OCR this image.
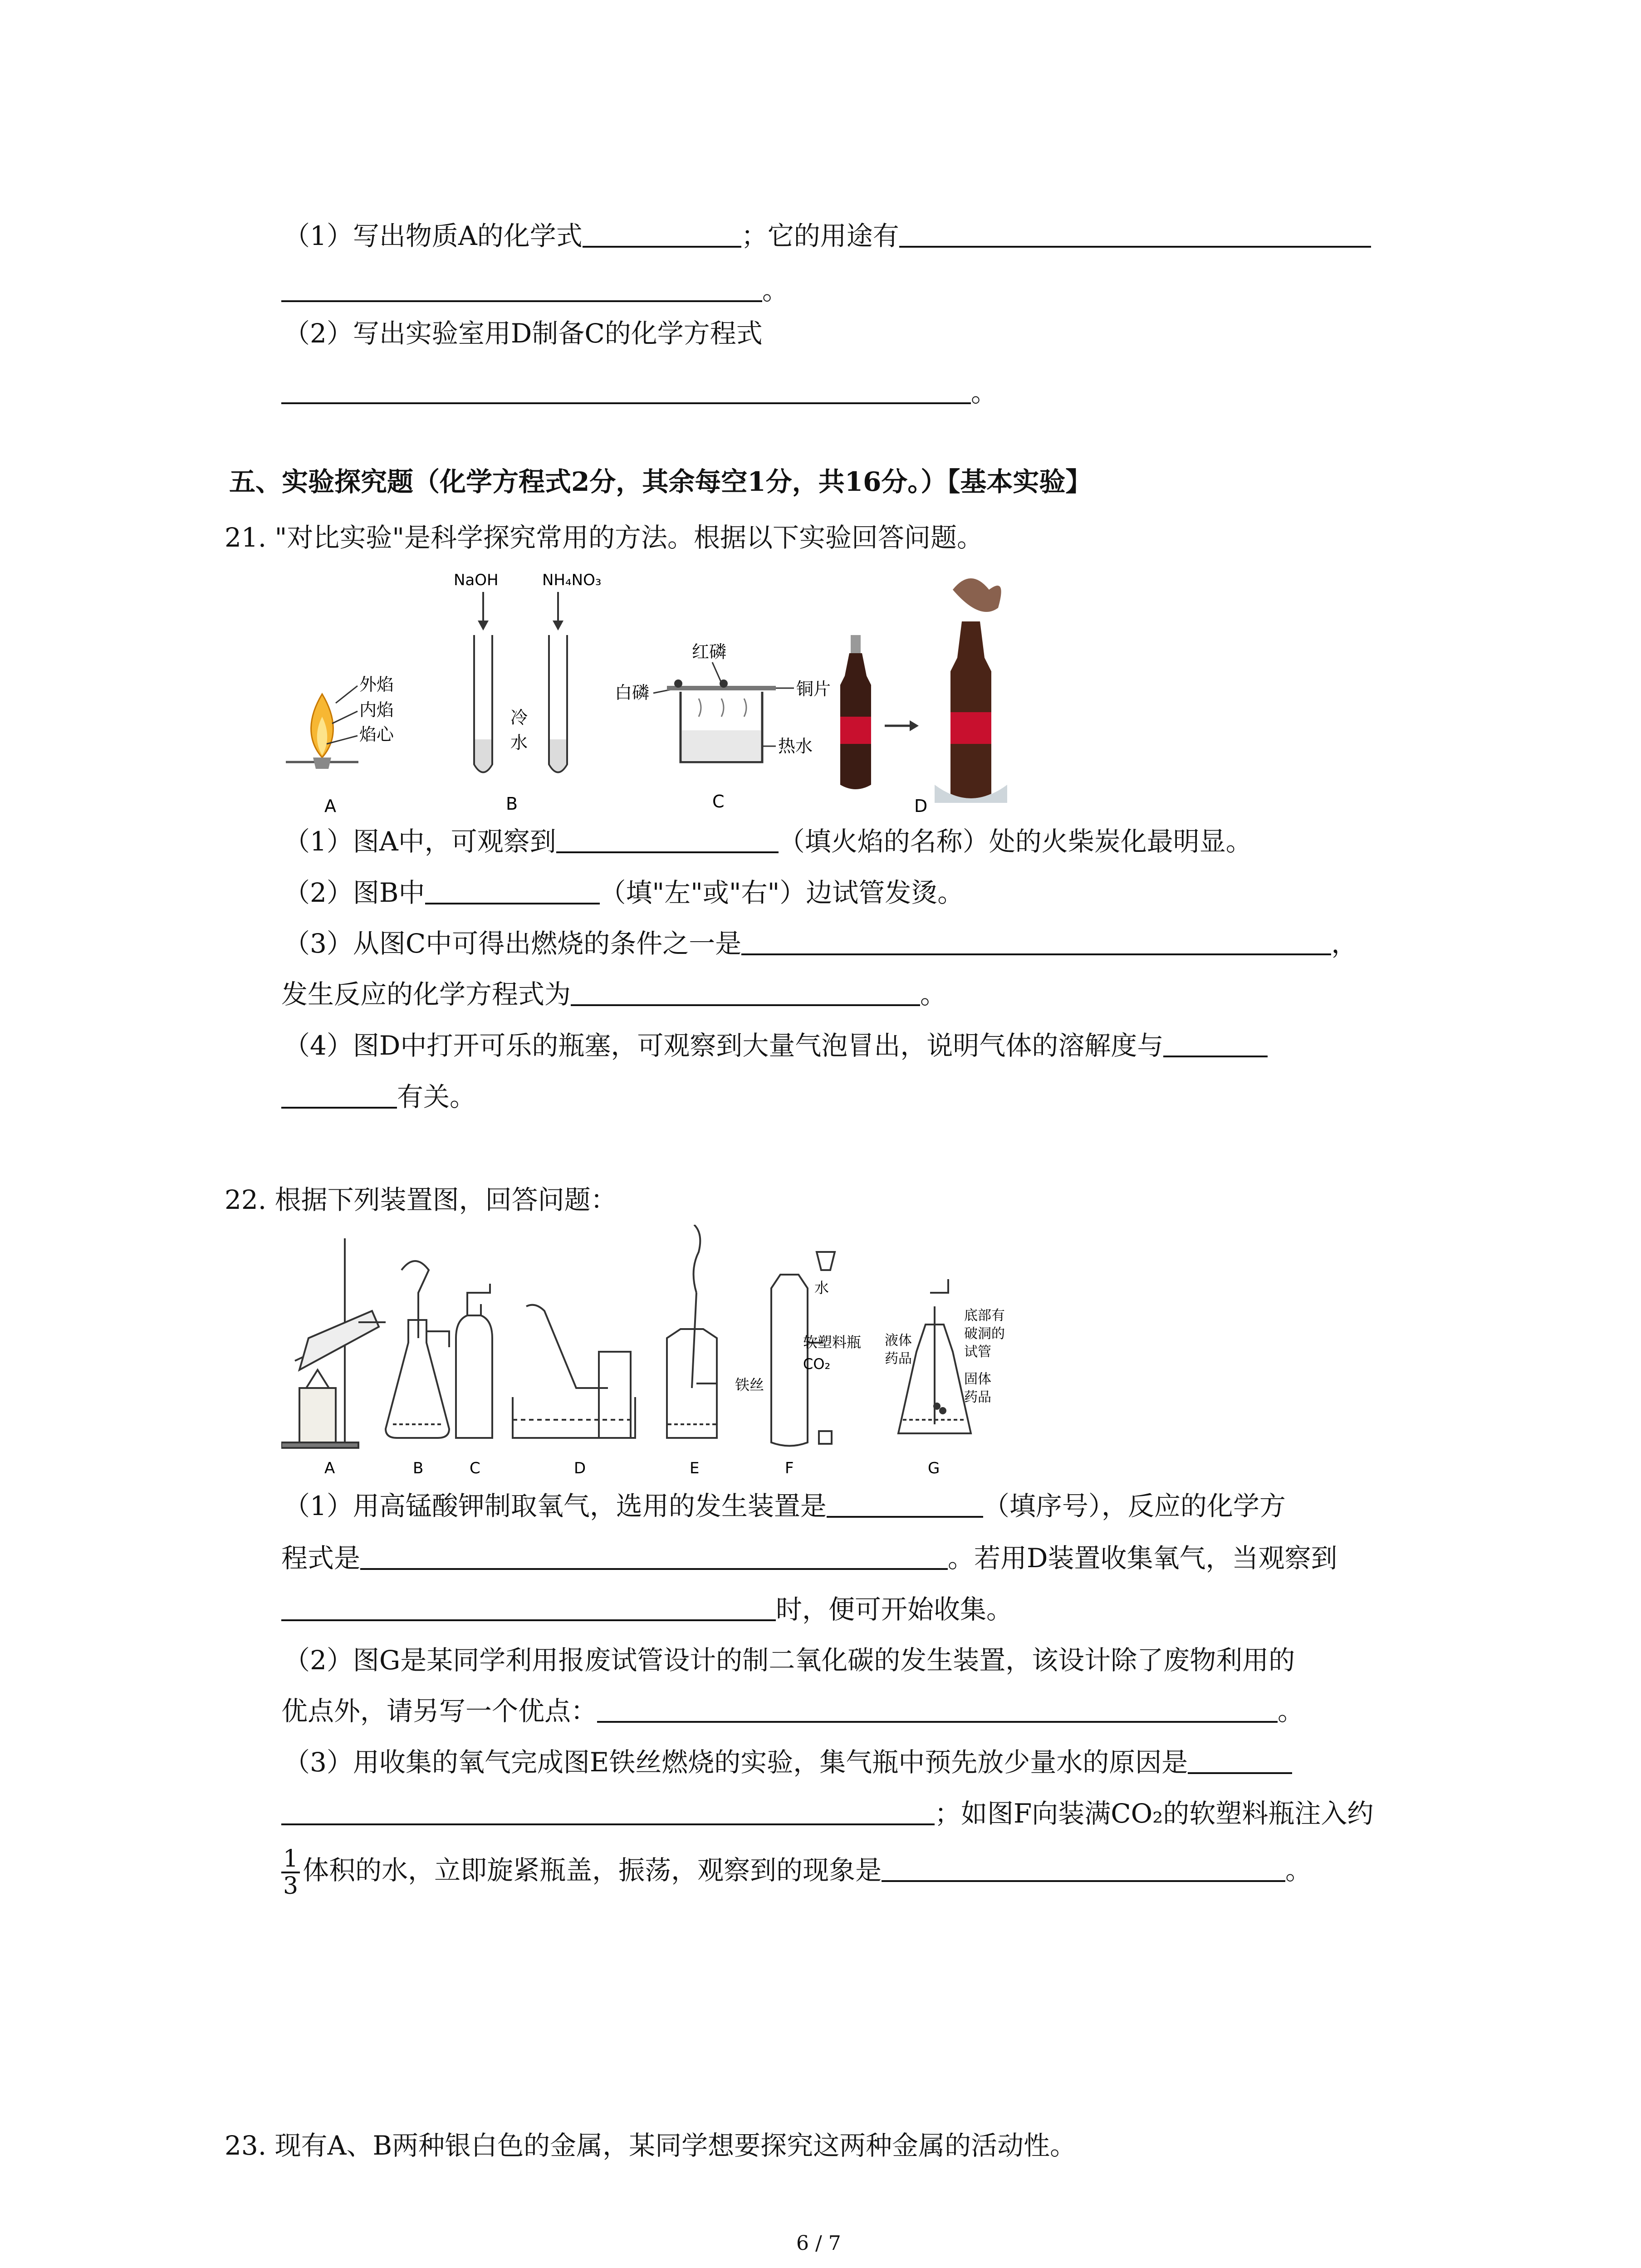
（1）写出物质A的化学式	；它的用途有
。
（2）写出实验室用D制备C的化学方程式
。
五、实验探究题（化学方程式2分，其余每空1分，共16分。）【基本实验】
21. "对比实验"是科学探究常用的方法。根据以下实验回答问题。
外焰
内焰
焰心
A
NaOH	NH₄NO₃
冷
水
B
红磷
白磷	铜片
热水
C	D
（1）图A中，可观察到	（填火焰的名称）处的火柴炭化最明显。
（2）图B中	（填"左"或"右"）边试管发烫。
（3）从图C中可得出燃烧的条件之一是	，
发生反应的化学方程式为	。
（4）图D中打开可乐的瓶塞，可观察到大量气泡冒出，说明气体的溶解度与
有关。
22. 根据下列装置图，回答问题：
铁丝
水
软塑料瓶
CO₂
液体
药品
底部有
破洞的
试管
固体
药品
A	B	C	D	E	F	G
（1）用高锰酸钾制取氧气，选用的发生装置是	（填序号），反应的化学方
程式是	。若用D装置收集氧气，当观察到
时，便可开始收集。
（2）图G是某同学利用报废试管设计的制二氧化碳的发生装置，该设计除了废物利用的
优点外，请另写一个优点：	。
（3）用收集的氧气完成图E铁丝燃烧的实验，集气瓶中预先放少量水的原因是
；如图F向装满CO₂的软塑料瓶注入约
$\frac{1}{3}$ 体积的水，立即旋紧瓶盖，振荡，观察到的现象是	。
23. 现有A、B两种银白色的金属，某同学想要探究这两种金属的活动性。
6 / 7
